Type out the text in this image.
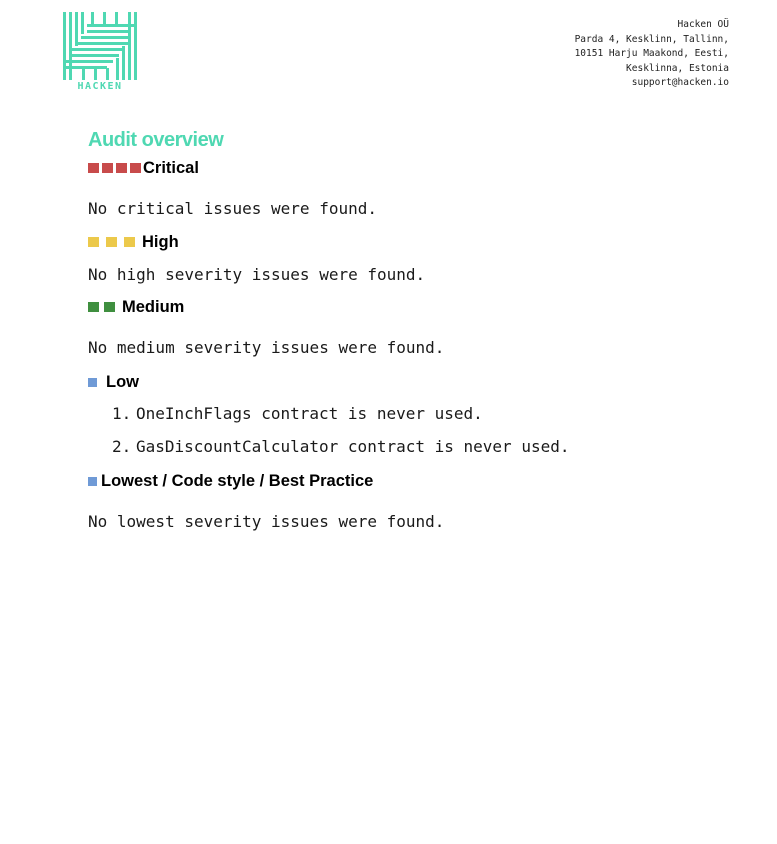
HACKEN
Hacken OÜ
Parda 4, Kesklinn, Tallinn,
10151 Harju Maakond, Eesti,
Kesklinna, Estonia
support@hacken.io
Audit overview
Critical
No critical issues were found.
High
No high severity issues were found.
Medium
No medium severity issues were found.
Low
1. OneInchFlags contract is never used.
2. GasDiscountCalculator contract is never used.
Lowest / Code style / Best Practice
No lowest severity issues were found.
